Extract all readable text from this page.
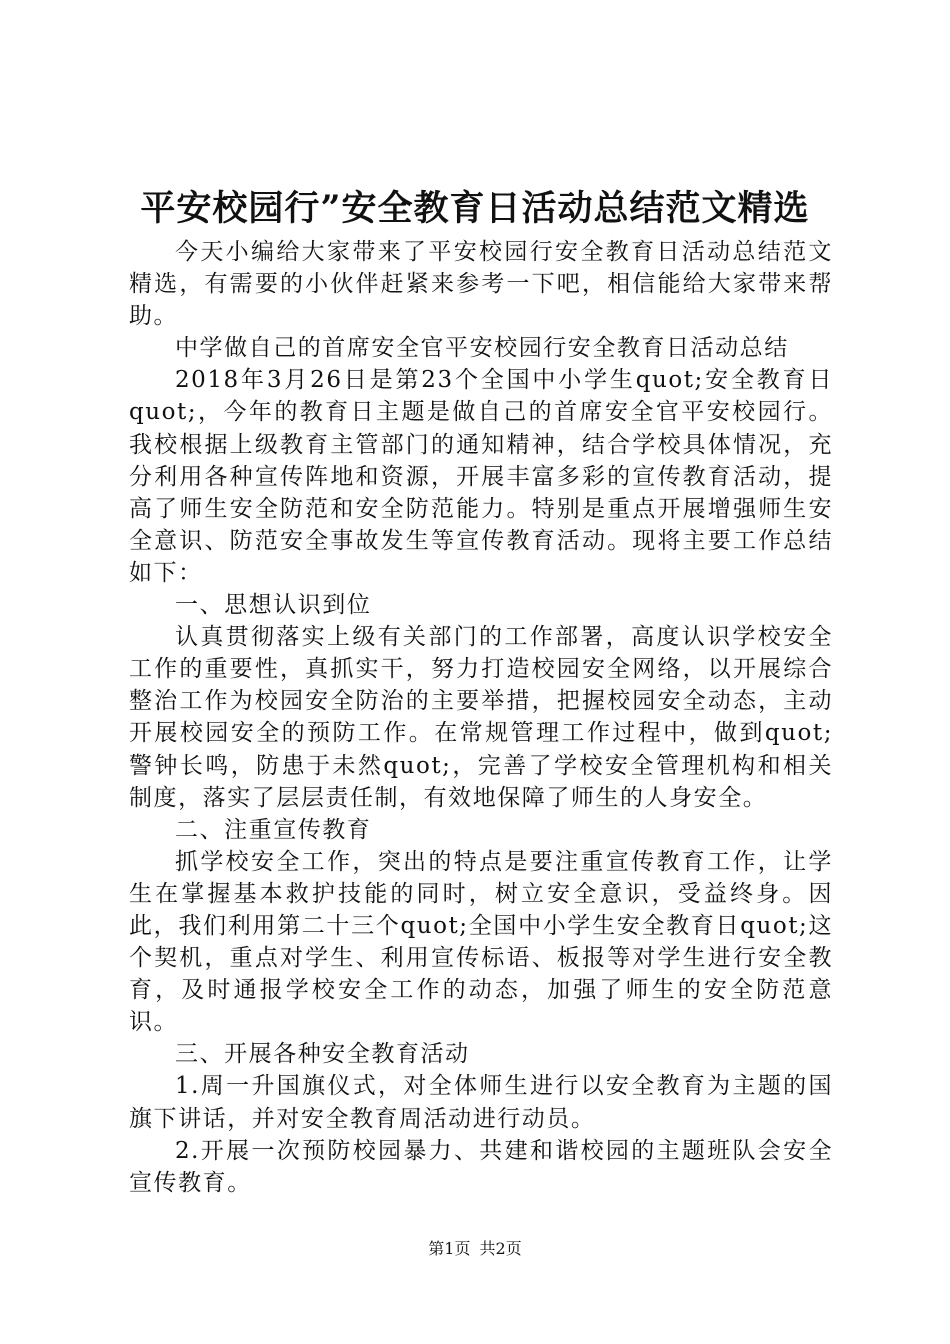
平安校园行”安全教育日活动总结范文精选

今天小编给大家带来了平安校园行安全教育日活动总结范文精选，有需要的小伙伴赶紧来参考一下吧，相信能给大家带来帮助。

中学做自己的首席安全官平安校园行安全教育日活动总结

2018年3月26日是第23个全国中小学生quot;安全教育日quot;，今年的教育日主题是做自己的首席安全官平安校园行。我校根据上级教育主管部门的通知精神，结合学校具体情况，充分利用各种宣传阵地和资源，开展丰富多彩的宣传教育活动，提高了师生安全防范和安全防范能力。特别是重点开展增强师生安全意识、防范安全事故发生等宣传教育活动。现将主要工作总结如下：

一、思想认识到位

认真贯彻落实上级有关部门的工作部署，高度认识学校安全工作的重要性，真抓实干，努力打造校园安全网络，以开展综合整治工作为校园安全防治的主要举措，把握校园安全动态，主动开展校园安全的预防工作。在常规管理工作过程中，做到quot;警钟长鸣，防患于未然quot;，完善了学校安全管理机构和相关制度，落实了层层责任制，有效地保障了师生的人身安全。

二、注重宣传教育

抓学校安全工作，突出的特点是要注重宣传教育工作，让学生在掌握基本救护技能的同时，树立安全意识，受益终身。因此，我们利用第二十三个quot;全国中小学生安全教育日quot;这个契机，重点对学生、利用宣传标语、板报等对学生进行安全教育，及时通报学校安全工作的动态，加强了师生的安全防范意识。

三、开展各种安全教育活动

1.周一升国旗仪式，对全体师生进行以安全教育为主题的国旗下讲话，并对安全教育周活动进行动员。

2.开展一次预防校园暴力、共建和谐校园的主题班队会安全宣传教育。

第1页 共2页
